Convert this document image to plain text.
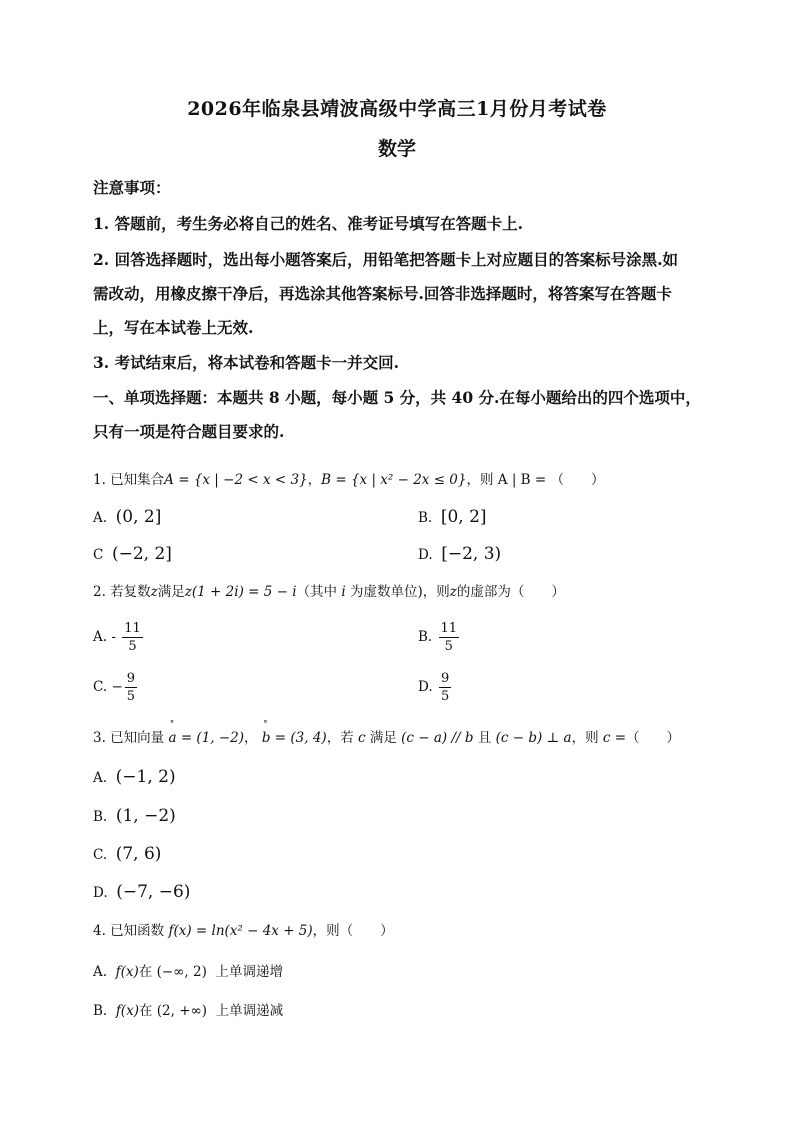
2026年临泉县靖波高级中学高三1月份月考试卷
数学
注意事项：
1. 答题前，考生务必将自己的姓名、准考证号填写在答题卡上.
2. 回答选择题时，选出每小题答案后，用铅笔把答题卡上对应题目的答案标号涂黑.如
需改动，用橡皮擦干净后，再选涂其他答案标号.回答非选择题时，将答案写在答题卡
上，写在本试卷上无效.
3. 考试结束后，将本试卷和答题卡一并交回.
一、单项选择题：本题共 8 小题，每小题 5 分，共 40 分.在每小题给出的四个选项中，
只有一项是符合题目要求的.
1. 已知集合A = {x | −2 < x < 3}，B = {x | x² − 2x ≤ 0}，则 A | B = （　　）
A. (0, 2]	B. [0, 2]
C (−2, 2]	D. [−2, 3)
2. 若复数z满足z(1 + 2i) = 5 − i（其中 i 为虚数单位)，则z的虚部为（　　）
A. - $\frac{11}{5}$	B. $\frac{11}{5}$
C. − $\frac{9}{5}$	D. $\frac{9}{5}$
3. 已知向量 ˚ a = (1, −2)， ˚ b = (3, 4)，若 c 满足 (c − a) // b 且 (c − b) ⊥ a，则 c =（　　）
A. (−1, 2)
B. (1, −2)
C. (7, 6)
D. (−7, −6)
4. 已知函数 f(x) = ln(x² − 4x + 5)，则（　　）
A. f(x)在 (−∞, 2) 上单调递增
B. f(x)在 (2, +∞) 上单调递减
